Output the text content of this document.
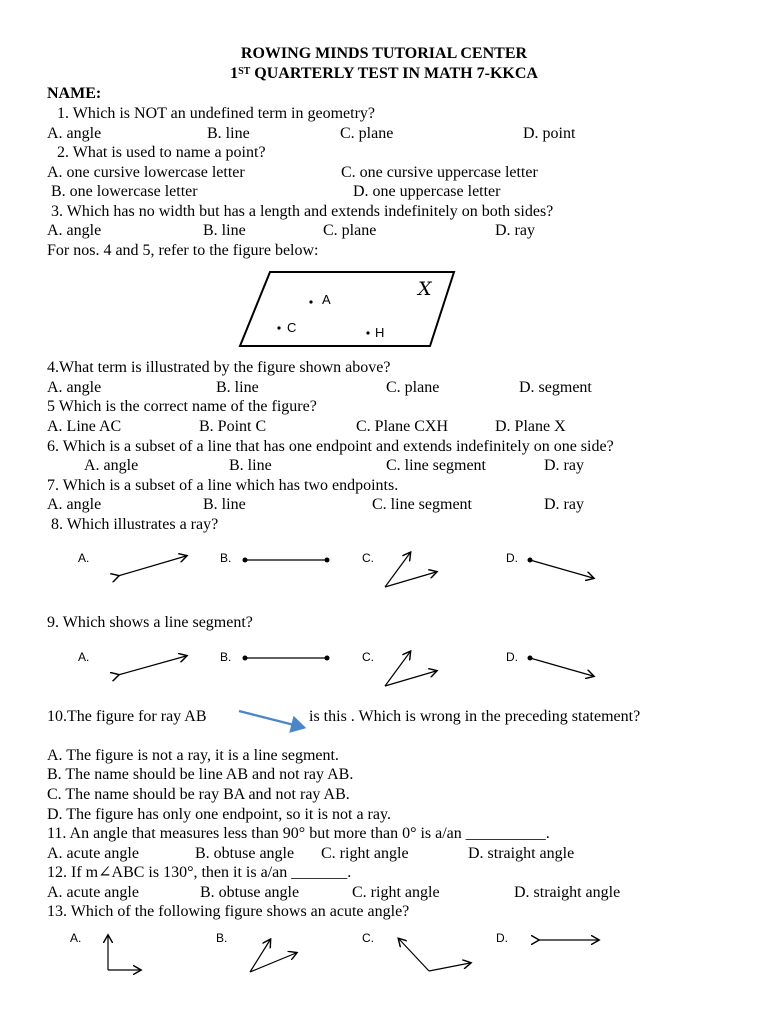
ROWING MINDS TUTORIAL CENTER
1ST QUARTERLY TEST IN MATH 7-KKCA
NAME:
1. Which is NOT an undefined term in geometry?
A. angle	B. line	C. plane	D. point
2. What is used to name a point?
A. one cursive lowercase letter	C. one cursive uppercase letter
B. one lowercase letter	D. one uppercase letter
3. Which has no width but has a length and extends indefinitely on both sides?
A. angle	B. line	C. plane	D. ray
For nos. 4 and 5, refer to the figure below:
A
C	H
X
4.What term is illustrated by the figure shown above?
A. angle	B. line	C. plane	D. segment
5 Which is the correct name of the figure?
A. Line AC	B. Point C	C. Plane CXH	D. Plane X
6. Which is a subset of a line that has one endpoint and extends indefinitely on one side?
A. angle	B. line	C. line segment	D. ray
7. Which is a subset of a line which has two endpoints.
A. angle	B. line	C. line segment	D. ray
8. Which illustrates a ray?
A.	B.	C.	D.
9. Which shows a line segment?
A.	B.	C.	D.
10.The figure for ray AB	is this . Which is wrong in the preceding statement?
A. The figure is not a ray, it is a line segment.
B. The name should be line AB and not ray AB.
C. The name should be ray BA and not ray AB.
D. The figure has only one endpoint, so it is not a ray.
11. An angle that measures less than 90° but more than 0° is a/an __________.
A. acute angle	B. obtuse angle C. right angle	D. straight angle
12. If m∠ABC is 130°, then it is a/an _______.
A. acute angle	B. obtuse angle	C. right angle	D. straight angle
13. Which of the following figure shows an acute angle?
A.	B.	C.	D.
